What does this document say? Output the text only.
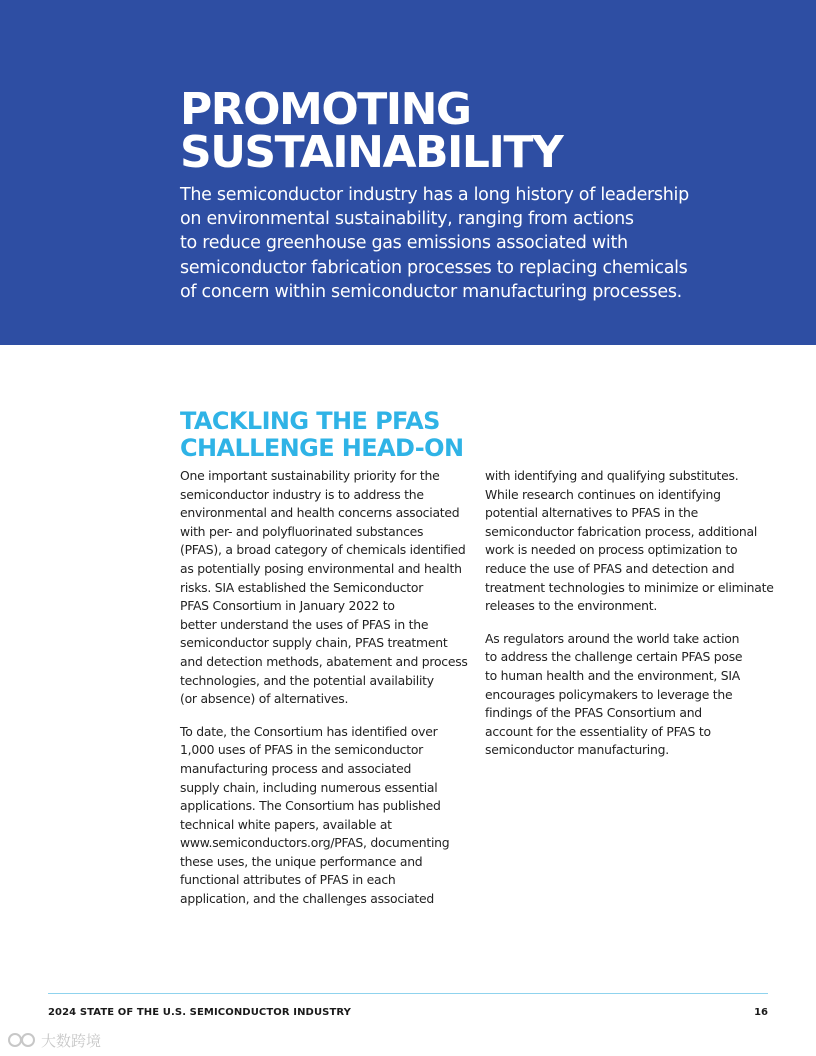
PROMOTING
SUSTAINABILITY

The semiconductor industry has a long history of leadership
on environmental sustainability, ranging from actions
to reduce greenhouse gas emissions associated with
semiconductor fabrication processes to replacing chemicals
of concern within semiconductor manufacturing processes.

TACKLING THE PFAS
CHALLENGE HEAD-ON

One important sustainability priority for the
semiconductor industry is to address the
environmental and health concerns associated
with per- and polyfluorinated substances
(PFAS), a broad category of chemicals identified
as potentially posing environmental and health
risks. SIA established the Semiconductor
PFAS Consortium in January 2022 to
better understand the uses of PFAS in the
semiconductor supply chain, PFAS treatment
and detection methods, abatement and process
technologies, and the potential availability
(or absence) of alternatives.

To date, the Consortium has identified over
1,000 uses of PFAS in the semiconductor
manufacturing process and associated
supply chain, including numerous essential
applications. The Consortium has published
technical white papers, available at
www.semiconductors.org/PFAS, documenting
these uses, the unique performance and
functional attributes of PFAS in each
application, and the challenges associated

with identifying and qualifying substitutes.
While research continues on identifying
potential alternatives to PFAS in the
semiconductor fabrication process, additional
work is needed on process optimization to
reduce the use of PFAS and detection and
treatment technologies to minimize or eliminate
releases to the environment.

As regulators around the world take action
to address the challenge certain PFAS pose
to human health and the environment, SIA
encourages policymakers to leverage the
findings of the PFAS Consortium and
account for the essentiality of PFAS to
semiconductor manufacturing.

2024 STATE OF THE U.S. SEMICONDUCTOR INDUSTRY	16
大数跨境
